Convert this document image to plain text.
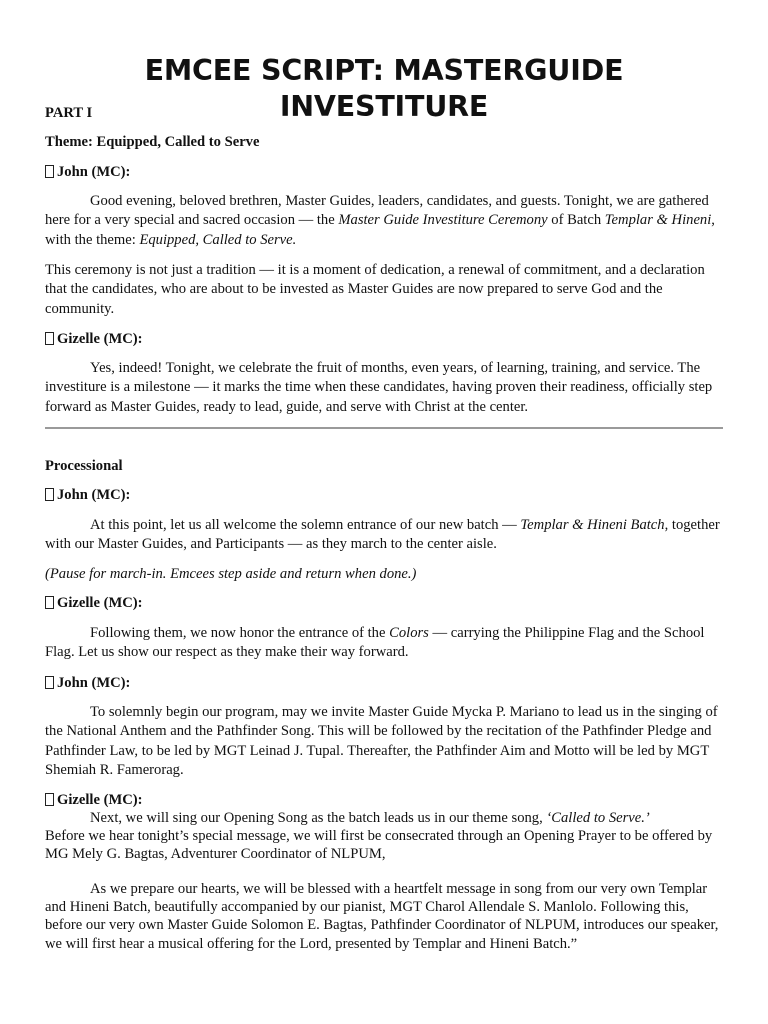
EMCEE SCRIPT: MASTERGUIDE INVESTITURE

PART I

Theme: Equipped, Called to Serve

John (MC):

Good evening, beloved brethren, Master Guides, leaders, candidates, and guests. Tonight, we are gathered here for a very special and sacred occasion — the Master Guide Investiture Ceremony of Batch Templar & Hineni, with the theme: Equipped, Called to Serve.

This ceremony is not just a tradition — it is a moment of dedication, a renewal of commitment, and a declaration that the candidates, who are about to be invested as Master Guides are now prepared to serve God and the community.

Gizelle (MC):

Yes, indeed! Tonight, we celebrate the fruit of months, even years, of learning, training, and service. The investiture is a milestone — it marks the time when these candidates, having proven their readiness, officially step forward as Master Guides, ready to lead, guide, and serve with Christ at the center.

Processional

John (MC):

At this point, let us all welcome the solemn entrance of our new batch — Templar & Hineni Batch, together with our Master Guides, and Participants — as they march to the center aisle.

(Pause for march-in. Emcees step aside and return when done.)

Gizelle (MC):

Following them, we now honor the entrance of the Colors — carrying the Philippine Flag and the School Flag. Let us show our respect as they make their way forward.

John (MC):

To solemnly begin our program, may we invite Master Guide Mycka P. Mariano to lead us in the singing of the National Anthem and the Pathfinder Song. This will be followed by the recitation of the Pathfinder Pledge and Pathfinder Law, to be led by MGT Leinad J. Tupal. Thereafter, the Pathfinder Aim and Motto will be led by MGT Shemiah R. Famerorag.

Gizelle (MC):

Next, we will sing our Opening Song as the batch leads us in our theme song, ‘Called to Serve.’

Before we hear tonight’s special message, we will first be consecrated through an Opening Prayer to be offered by MG Mely G. Bagtas, Adventurer Coordinator of NLPUM,

As we prepare our hearts, we will be blessed with a heartfelt message in song from our very own Templar and Hineni Batch, beautifully accompanied by our pianist, MGT Charol Allendale S. Manlolo. Following this, before our very own Master Guide Solomon E. Bagtas, Pathfinder Coordinator of NLPUM, introduces our speaker, we will first hear a musical offering for the Lord, presented by Templar and Hineni Batch.”
